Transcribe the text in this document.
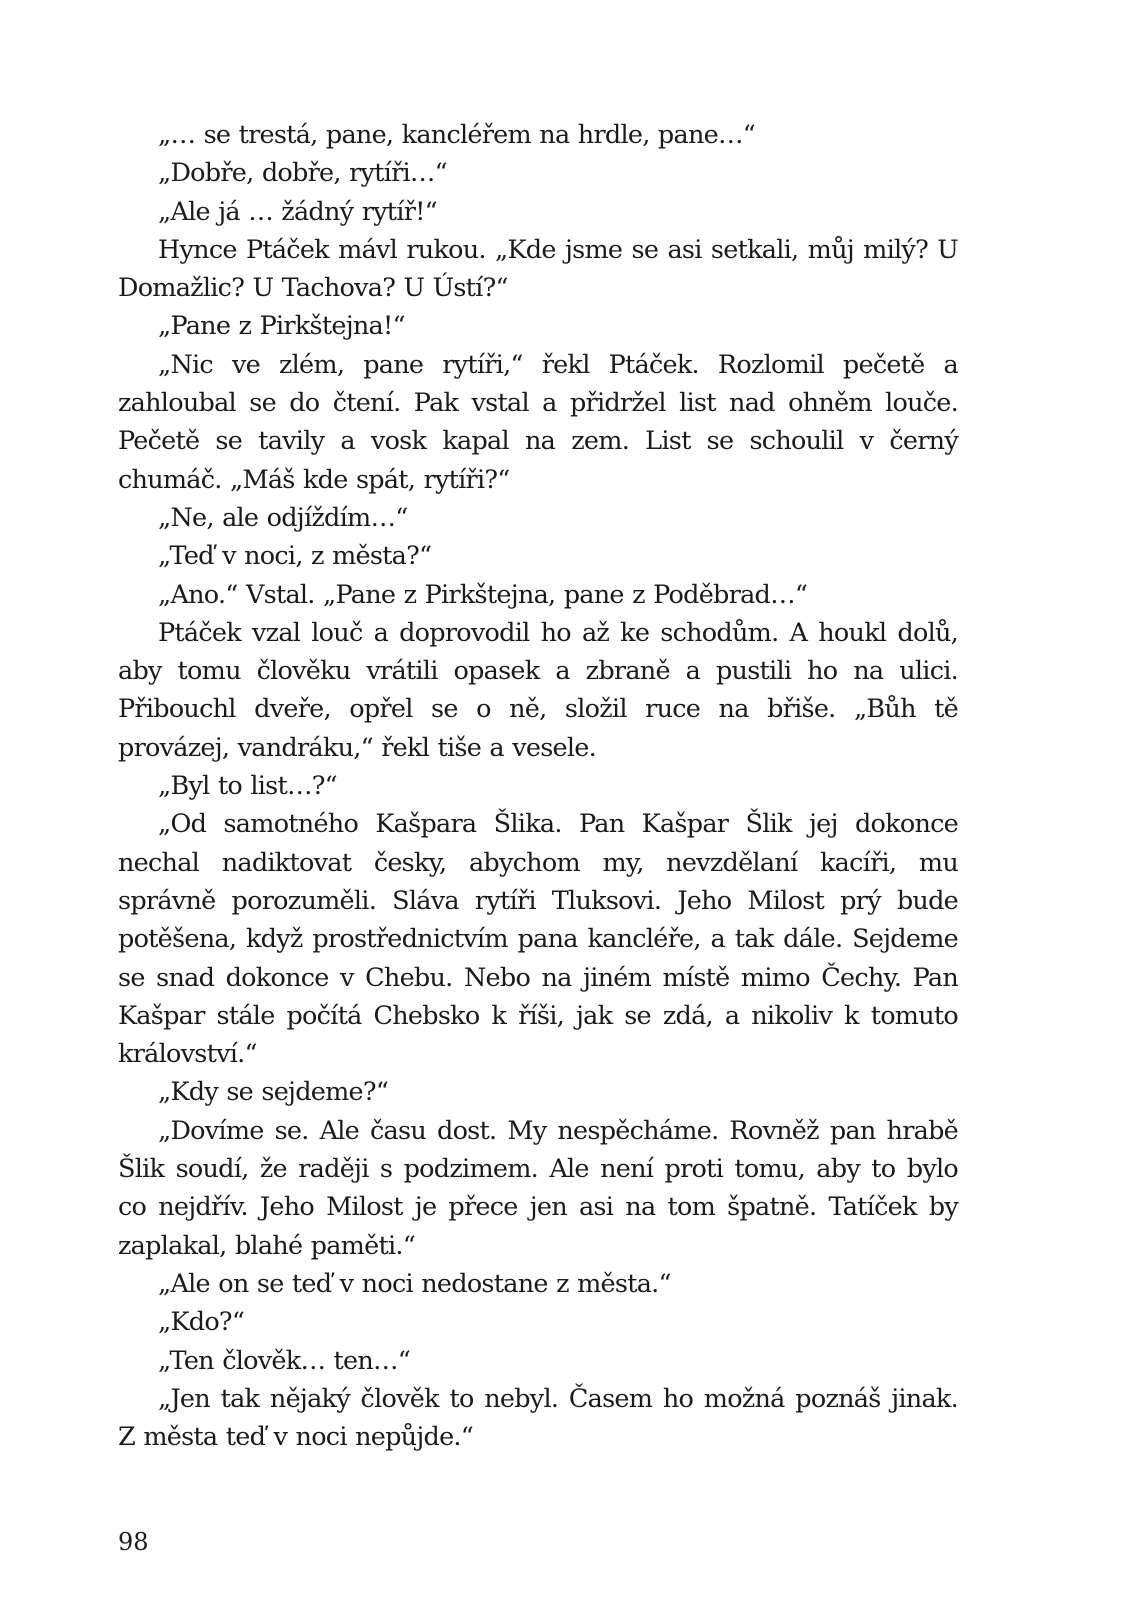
„… se trestá, pane, kancléřem na hrdle, pane…“

„Dobře, dobře, rytíři…“

„Ale já … žádný rytíř!“

Hynce Ptáček mávl rukou. „Kde jsme se asi setkali, můj milý? U Domažlic? U Tachova? U Ústí?“

„Pane z Pirkštejna!“

„Nic ve zlém, pane rytíři,“ řekl Ptáček. Rozlomil pečetě a zahloubal se do čtení. Pak vstal a přidržel list nad ohněm louče. Pečetě se tavily a vosk kapal na zem. List se schoulil v černý chumáč. „Máš kde spát, rytíři?“

„Ne, ale odjíždím…“

„Teď v noci, z města?“

„Ano.“ Vstal. „Pane z Pirkštejna, pane z Poděbrad…“

Ptáček vzal louč a doprovodil ho až ke schodům. A houkl dolů, aby tomu člověku vrátili opasek a zbraně a pustili ho na ulici. Přibouchl dveře, opřel se o ně, složil ruce na břiše. „Bůh tě provázej, vandráku,“ řekl tiše a vesele.

„Byl to list…?“

„Od samotného Kašpara Šlika. Pan Kašpar Šlik jej dokonce nechal nadiktovat česky, abychom my, nevzdělaní kacíři, mu správně porozuměli. Sláva rytíři Tluksovi. Jeho Milost prý bude potěšena, když prostřednictvím pana kancléře, a tak dále. Sejdeme se snad dokonce v Chebu. Nebo na jiném místě mimo Čechy. Pan Kašpar stále počítá Chebsko k říši, jak se zdá, a nikoliv k tomuto království.“

„Kdy se sejdeme?“

„Dovíme se. Ale času dost. My nespěcháme. Rovněž pan hrabě Šlik soudí, že raději s podzimem. Ale není proti tomu, aby to bylo co nejdřív. Jeho Milost je přece jen asi na tom špatně. Tatíček by zaplakal, blahé paměti.“

„Ale on se teď v noci nedostane z města.“

„Kdo?“

„Ten člověk… ten…“

„Jen tak nějaký člověk to nebyl. Časem ho možná poznáš jinak. Z města teď v noci nepůjde.“

98
